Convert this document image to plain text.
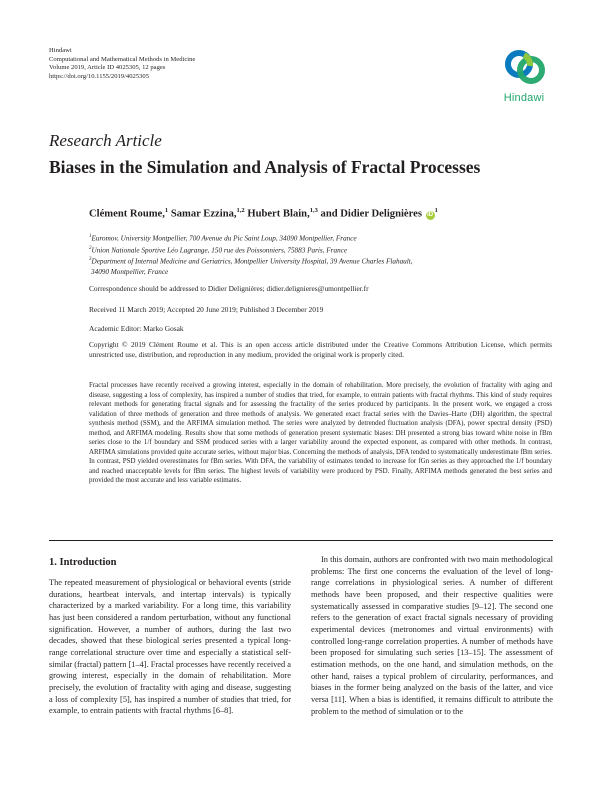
Hindawi
Computational and Mathematical Methods in Medicine
Volume 2019, Article ID 4025305, 12 pages
https://doi.org/10.1155/2019/4025305
Hindawi
Research Article
Biases in the Simulation and Analysis of Fractal Processes
Clément Roume,$^1$ Samar Ezzina,$^{1,2}$ Hubert Blain,$^{1,3}$ and Didier Delignières $iD^1$
$^1$Euromov, University Montpellier, 700 Avenue du Pic Saint Loup, 34090 Montpellier, France
$^2$Union Nationale Sportive Léo Lagrange, 150 rue des Poissonniers, 75883 Paris, France
$^3$Department of Internal Medicine and Geriatrics, Montpellier University Hospital, 39 Avenue Charles Flahault,
34090 Montpellier, France
Correspondence should be addressed to Didier Delignières; didier.delignieres@umontpellier.fr
Received 11 March 2019; Accepted 20 June 2019; Published 3 December 2019
Academic Editor: Marko Gosak
Copyright © 2019 Clément Roume et al. This is an open access article distributed under the Creative Commons Attribution License, which permits unrestricted use, distribution, and reproduction in any medium, provided the original work is properly cited.
Fractal processes have recently received a growing interest, especially in the domain of rehabilitation. More precisely, the evolution of fractality with aging and disease, suggesting a loss of complexity, has inspired a number of studies that tried, for example, to entrain patients with fractal rhythms. This kind of study requires relevant methods for generating fractal signals and for assessing the fractality of the series produced by participants. In the present work, we engaged a cross validation of three methods of generation and three methods of analysis. We generated exact fractal series with the Davies–Harte (DH) algorithm, the spectral synthesis method (SSM), and the ARFIMA simulation method. The series were analyzed by detrended fluctuation analysis (DFA), power spectral density (PSD) method, and ARFIMA modeling. Results show that some methods of generation present systematic biases: DH presented a strong bias toward white noise in fBm series close to the 1/f boundary and SSM produced series with a larger variability around the expected exponent, as compared with other methods. In contrast, ARFIMA simulations provided quite accurate series, without major bias. Concerning the methods of analysis, DFA tended to systematically underestimate fBm series. In contrast, PSD yielded overestimates for fBm series. With DFA, the variability of estimates tended to increase for fGn series as they approached the 1/f boundary and reached unacceptable levels for fBm series. The highest levels of variability were produced by PSD. Finally, ARFIMA methods generated the best series and provided the most accurate and less variable estimates.
1. Introduction

The repeated measurement of physiological or behavioral events (stride durations, heartbeat intervals, and intertap intervals) is typically characterized by a marked variability. For a long time, this variability has just been considered a random perturbation, without any functional signification. However, a number of authors, during the last two decades, showed that these biological series presented a typical long-range correlational structure over time and especially a statistical self-similar (fractal) pattern [1–4]. Fractal processes have recently received a growing interest, especially in the domain of rehabilitation. More precisely, the evolution of fractality with aging and disease, suggesting a loss of complexity [5], has inspired a number of studies that tried, for example, to entrain patients with fractal rhythms [6–8].

In this domain, authors are confronted with two main methodological problems: The first one concerns the evaluation of the level of long-range correlations in physiological series. A number of different methods have been proposed, and their respective qualities were systematically assessed in comparative studies [9–12]. The second one refers to the generation of exact fractal signals necessary of providing experimental devices (metronomes and virtual environments) with controlled long-range correlation properties. A number of methods have been proposed for simulating such series [13–15]. The assessment of estimation methods, on the one hand, and simulation methods, on the other hand, raises a typical problem of circularity, performances, and biases in the former being analyzed on the basis of the latter, and vice versa [11]. When a bias is identified, it remains difficult to attribute the problem to the method of simulation or to the
